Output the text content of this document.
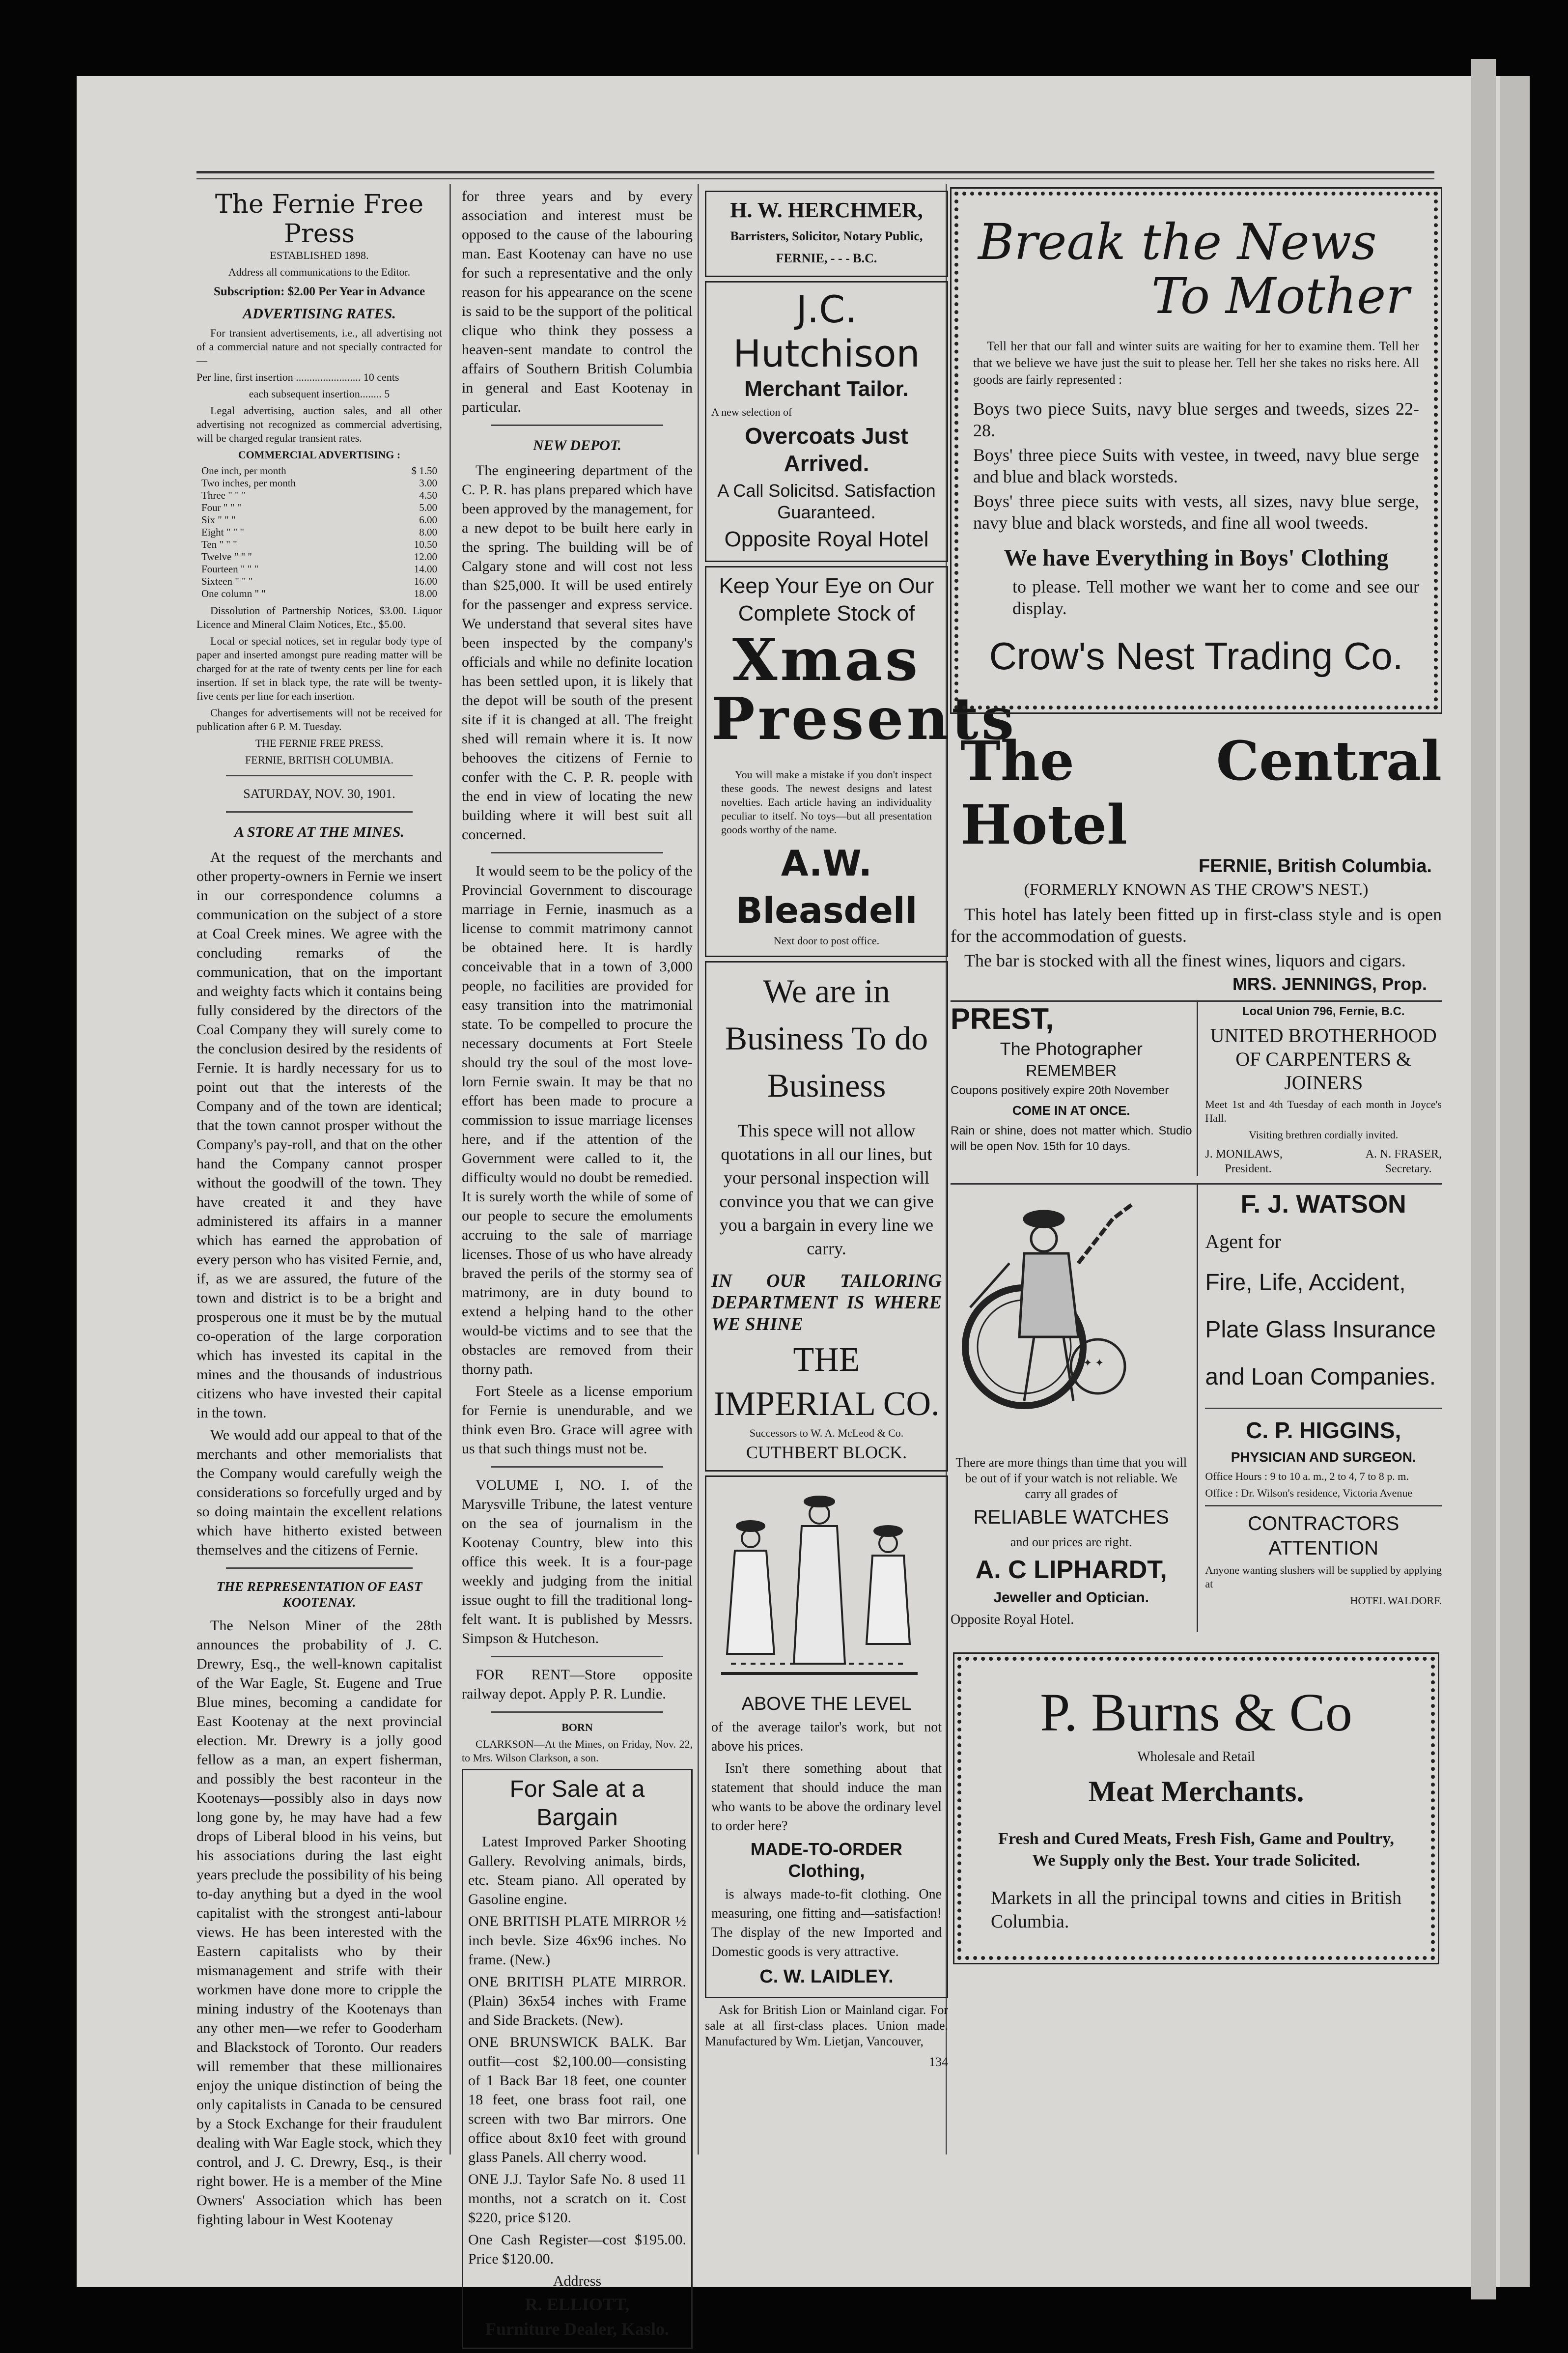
The Fernie Free Press

ESTABLISHED 1898.

Address all communications to the Editor.

Subscription: $2.00 Per Year in Advance

ADVERTISING RATES.

For transient advertisements, i.e., all advertising not of a commercial nature and not specially contracted for—

Per line, first insertion ........................ 10 cents

each subsequent insertion........ 5

Legal advertising, auction sales, and all other advertising not recognized as commercial advertising, will be charged regular transient rates.

COMMERCIAL ADVERTISING :

One inch, per month	$ 1.50
Two inches, per month	3.00
Three " " "	4.50
Four " " "	5.00
Six " " "	6.00
Eight " " "	8.00
Ten " " "	10.50
Twelve " " "	12.00
Fourteen " " "	14.00
Sixteen " " "	16.00
One column " "	18.00

Dissolution of Partnership Notices, $3.00. Liquor Licence and Mineral Claim Notices, Etc., $5.00.

Local or special notices, set in regular body type of paper and inserted amongst pure reading matter will be charged for at the rate of twenty cents per line for each insertion. If set in black type, the rate will be twenty-five cents per line for each insertion.

Changes for advertisements will not be received for publication after 6 P. M. Tuesday.

THE FERNIE FREE PRESS,

FERNIE, BRITISH COLUMBIA.

SATURDAY, NOV. 30, 1901.

A STORE AT THE MINES.

At the request of the merchants and other property-owners in Fernie we insert in our correspondence columns a communication on the subject of a store at Coal Creek mines. We agree with the concluding remarks of the communication, that on the important and weighty facts which it contains being fully considered by the directors of the Coal Company they will surely come to the conclusion desired by the residents of Fernie. It is hardly necessary for us to point out that the interests of the Company and of the town are identical; that the town cannot prosper without the Company's pay-roll, and that on the other hand the Company cannot prosper without the goodwill of the town. They have created it and they have administered its affairs in a manner which has earned the approbation of every person who has visited Fernie, and, if, as we are assured, the future of the town and district is to be a bright and prosperous one it must be by the mutual co-operation of the large corporation which has invested its capital in the mines and the thousands of industrious citizens who have invested their capital in the town.

We would add our appeal to that of the merchants and other memorialists that the Company would carefully weigh the considerations so forcefully urged and by so doing maintain the excellent relations which have hitherto existed between themselves and the citizens of Fernie.

THE REPRESENTATION OF EAST KOOTENAY.

The Nelson Miner of the 28th announces the probability of J. C. Drewry, Esq., the well-known capitalist of the War Eagle, St. Eugene and True Blue mines, becoming a candidate for East Kootenay at the next provincial election. Mr. Drewry is a jolly good fellow as a man, an expert fisherman, and possibly the best raconteur in the Kootenays—possibly also in days now long gone by, he may have had a few drops of Liberal blood in his veins, but his associations during the last eight years preclude the possibility of his being to-day anything but a dyed in the wool capitalist with the strongest anti-labour views. He has been interested with the Eastern capitalists who by their mismanagement and strife with their workmen have done more to cripple the mining industry of the Kootenays than any other men—we refer to Gooderham and Blackstock of Toronto. Our readers will remember that these millionaires enjoy the unique distinction of being the only capitalists in Canada to be censured by a Stock Exchange for their fraudulent dealing with War Eagle stock, which they control, and J. C. Drewry, Esq., is their right bower. He is a member of the Mine Owners' Association which has been fighting labour in West Kootenay

for three years and by every association and interest must be opposed to the cause of the labouring man. East Kootenay can have no use for such a representative and the only reason for his appearance on the scene is said to be the support of the political clique who think they possess a heaven-sent mandate to control the affairs of Southern British Columbia in general and East Kootenay in particular.

NEW DEPOT.

The engineering department of the C. P. R. has plans prepared which have been approved by the management, for a new depot to be built here early in the spring. The building will be of Calgary stone and will cost not less than $25,000. It will be used entirely for the passenger and express service. We understand that several sites have been inspected by the company's officials and while no definite location has been settled upon, it is likely that the depot will be south of the present site if it is changed at all. The freight shed will remain where it is. It now behooves the citizens of Fernie to confer with the C. P. R. people with the end in view of locating the new building where it will best suit all concerned.

It would seem to be the policy of the Provincial Government to discourage marriage in Fernie, inasmuch as a license to commit matrimony cannot be obtained here. It is hardly conceivable that in a town of 3,000 people, no facilities are provided for easy transition into the matrimonial state. To be compelled to procure the necessary documents at Fort Steele should try the soul of the most love-lorn Fernie swain. It may be that no effort has been made to procure a commission to issue marriage licenses here, and if the attention of the Government were called to it, the difficulty would no doubt be remedied. It is surely worth the while of some of our people to secure the emoluments accruing to the sale of marriage licenses. Those of us who have already braved the perils of the stormy sea of matrimony, are in duty bound to extend a helping hand to the other would-be victims and to see that the obstacles are removed from their thorny path.

Fort Steele as a license emporium for Fernie is unendurable, and we think even Bro. Grace will agree with us that such things must not be.

VOLUME I, NO. I. of the Marysville Tribune, the latest venture on the sea of journalism in the Kootenay Country, blew into this office this week. It is a four-page weekly and judging from the initial issue ought to fill the traditional long-felt want. It is published by Messrs. Simpson & Hutcheson.

FOR RENT—Store opposite railway depot. Apply P. R. Lundie.

BORN

CLARKSON—At the Mines, on Friday, Nov. 22, to Mrs. Wilson Clarkson, a son.

For Sale at a Bargain

Latest Improved Parker Shooting Gallery. Revolving animals, birds, etc. Steam piano. All operated by Gasoline engine.

ONE BRITISH PLATE MIRROR ½ inch bevle. Size 46x96 inches. No frame. (New.)

ONE BRITISH PLATE MIRROR. (Plain) 36x54 inches with Frame and Side Brackets. (New).

ONE BRUNSWICK BALK. Bar outfit—cost $2,100.00—consisting of 1 Back Bar 18 feet, one counter 18 feet, one brass foot rail, one screen with two Bar mirrors. One office about 8x10 feet with ground glass Panels. All cherry wood.

ONE J.J. Taylor Safe No. 8 used 11 months, not a scratch on it. Cost $220, price $120.

One Cash Register—cost $195.00. Price $120.00.

Address

R. ELLIOTT,

Furniture Dealer, Kaslo.

H. W. HERCHMER,

Barristers, Solicitor, Notary Public,

FERNIE, - - - B.C.

J.C. Hutchison

Merchant Tailor.

A new selection of

Overcoats Just Arrived.

A Call Solicitsd. Satisfaction Guaranteed.

Opposite Royal Hotel

Keep Your Eye on Our Complete Stock of

Xmas Presents

You will make a mistake if you don't inspect these goods. The newest designs and latest novelties. Each article having an individuality peculiar to itself. No toys—but all presentation goods worthy of the name.

A.W. Bleasdell

Next door to post office.

We are in Business To do Business

This spece will not allow quotations in all our lines, but your personal inspection will convince you that we can give you a bargain in every line we carry.

IN OUR TAILORING DEPARTMENT IS WHERE WE SHINE

THE IMPERIAL CO.

Successors to W. A. McLeod & Co.

CUTHBERT BLOCK.

ABOVE THE LEVEL

of the average tailor's work, but not above his prices.

Isn't there something about that statement that should induce the man who wants to be above the ordinary level to order here?

MADE-TO-ORDER Clothing,

is always made-to-fit clothing. One measuring, one fitting and—satisfaction! The display of the new Imported and Domestic goods is very attractive.

C. W. LAIDLEY.

Ask for British Lion or Mainland cigar. For sale at all first-class places. Union made. Manufactured by Wm. Lietjan, Vancouver,

134

Break the News
To Mother

Tell her that our fall and winter suits are waiting for her to examine them. Tell her that we believe we have just the suit to please her. Tell her she takes no risks here. All goods are fairly represented :

Boys two piece Suits, navy blue serges and tweeds, sizes 22-28.

Boys' three piece Suits with vestee, in tweed, navy blue serge and blue and black worsteds.

Boys' three piece suits with vests, all sizes, navy blue serge, navy blue and black worsteds, and fine all wool tweeds.

We have Everything in Boys' Clothing

to please. Tell mother we want her to come and see our display.

Crow's Nest Trading Co.

The Central Hotel

FERNIE, British Columbia.

(FORMERLY KNOWN AS THE CROW'S NEST.)

This hotel has lately been fitted up in first-class style and is open for the accommodation of guests.

The bar is stocked with all the finest wines, liquors and cigars.

MRS. JENNINGS, Prop.

PREST,

The Photographer

REMEMBER

Coupons positively expire 20th November

COME IN AT ONCE.

Rain or shine, does not matter which. Studio will be open Nov. 15th for 10 days.

Local Union 796, Fernie, B.C.

UNITED BROTHERHOOD OF CARPENTERS & JOINERS

Meet 1st and 4th Tuesday of each month in Joyce's Hall.

Visiting brethren cordially invited.

J. MONILAWS,
President.
A. N. FRASER,
Secretary.
✦ ✦

There are more things than time that you will be out of if your watch is not reliable. We carry all grades of

RELIABLE WATCHES

and our prices are right.

A. C LIPHARDT,

Jeweller and Optician.

Opposite Royal Hotel.

F. J. WATSON

Agent for

Fire, Life, Accident, Plate Glass Insurance and Loan Companies.

C. P. HIGGINS,

PHYSICIAN AND SURGEON.

Office Hours : 9 to 10 a. m., 2 to 4, 7 to 8 p. m.

Office : Dr. Wilson's residence, Victoria Avenue

CONTRACTORS ATTENTION

Anyone wanting slushers will be supplied by applying at

HOTEL WALDORF.

P. Burns & Co

Wholesale and Retail

Meat Merchants.

Fresh and Cured Meats, Fresh Fish, Game and Poultry, We Supply only the Best. Your trade Solicited.

Markets in all the principal towns and cities in British Columbia.
